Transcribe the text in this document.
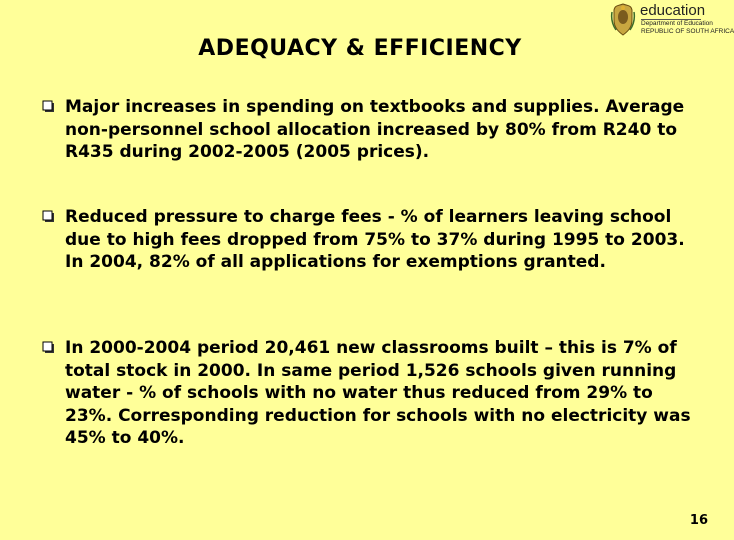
education
Department of Education
REPUBLIC OF SOUTH AFRICA
ADEQUACY & EFFICIENCY
Major increases in spending on textbooks and supplies. Average non-personnel school allocation increased by 80% from R240 to R435 during 2002-2005 (2005 prices).
Reduced pressure to charge fees - % of learners leaving school due to high fees dropped from 75% to 37% during 1995 to 2003. In 2004, 82% of all applications for exemptions granted.
In 2000-2004 period 20,461 new classrooms built – this is 7% of total stock in 2000. In same period 1,526 schools given running water - % of schools with no water thus reduced from 29% to 23%. Corresponding reduction for schools with no electricity was 45% to 40%.
16
